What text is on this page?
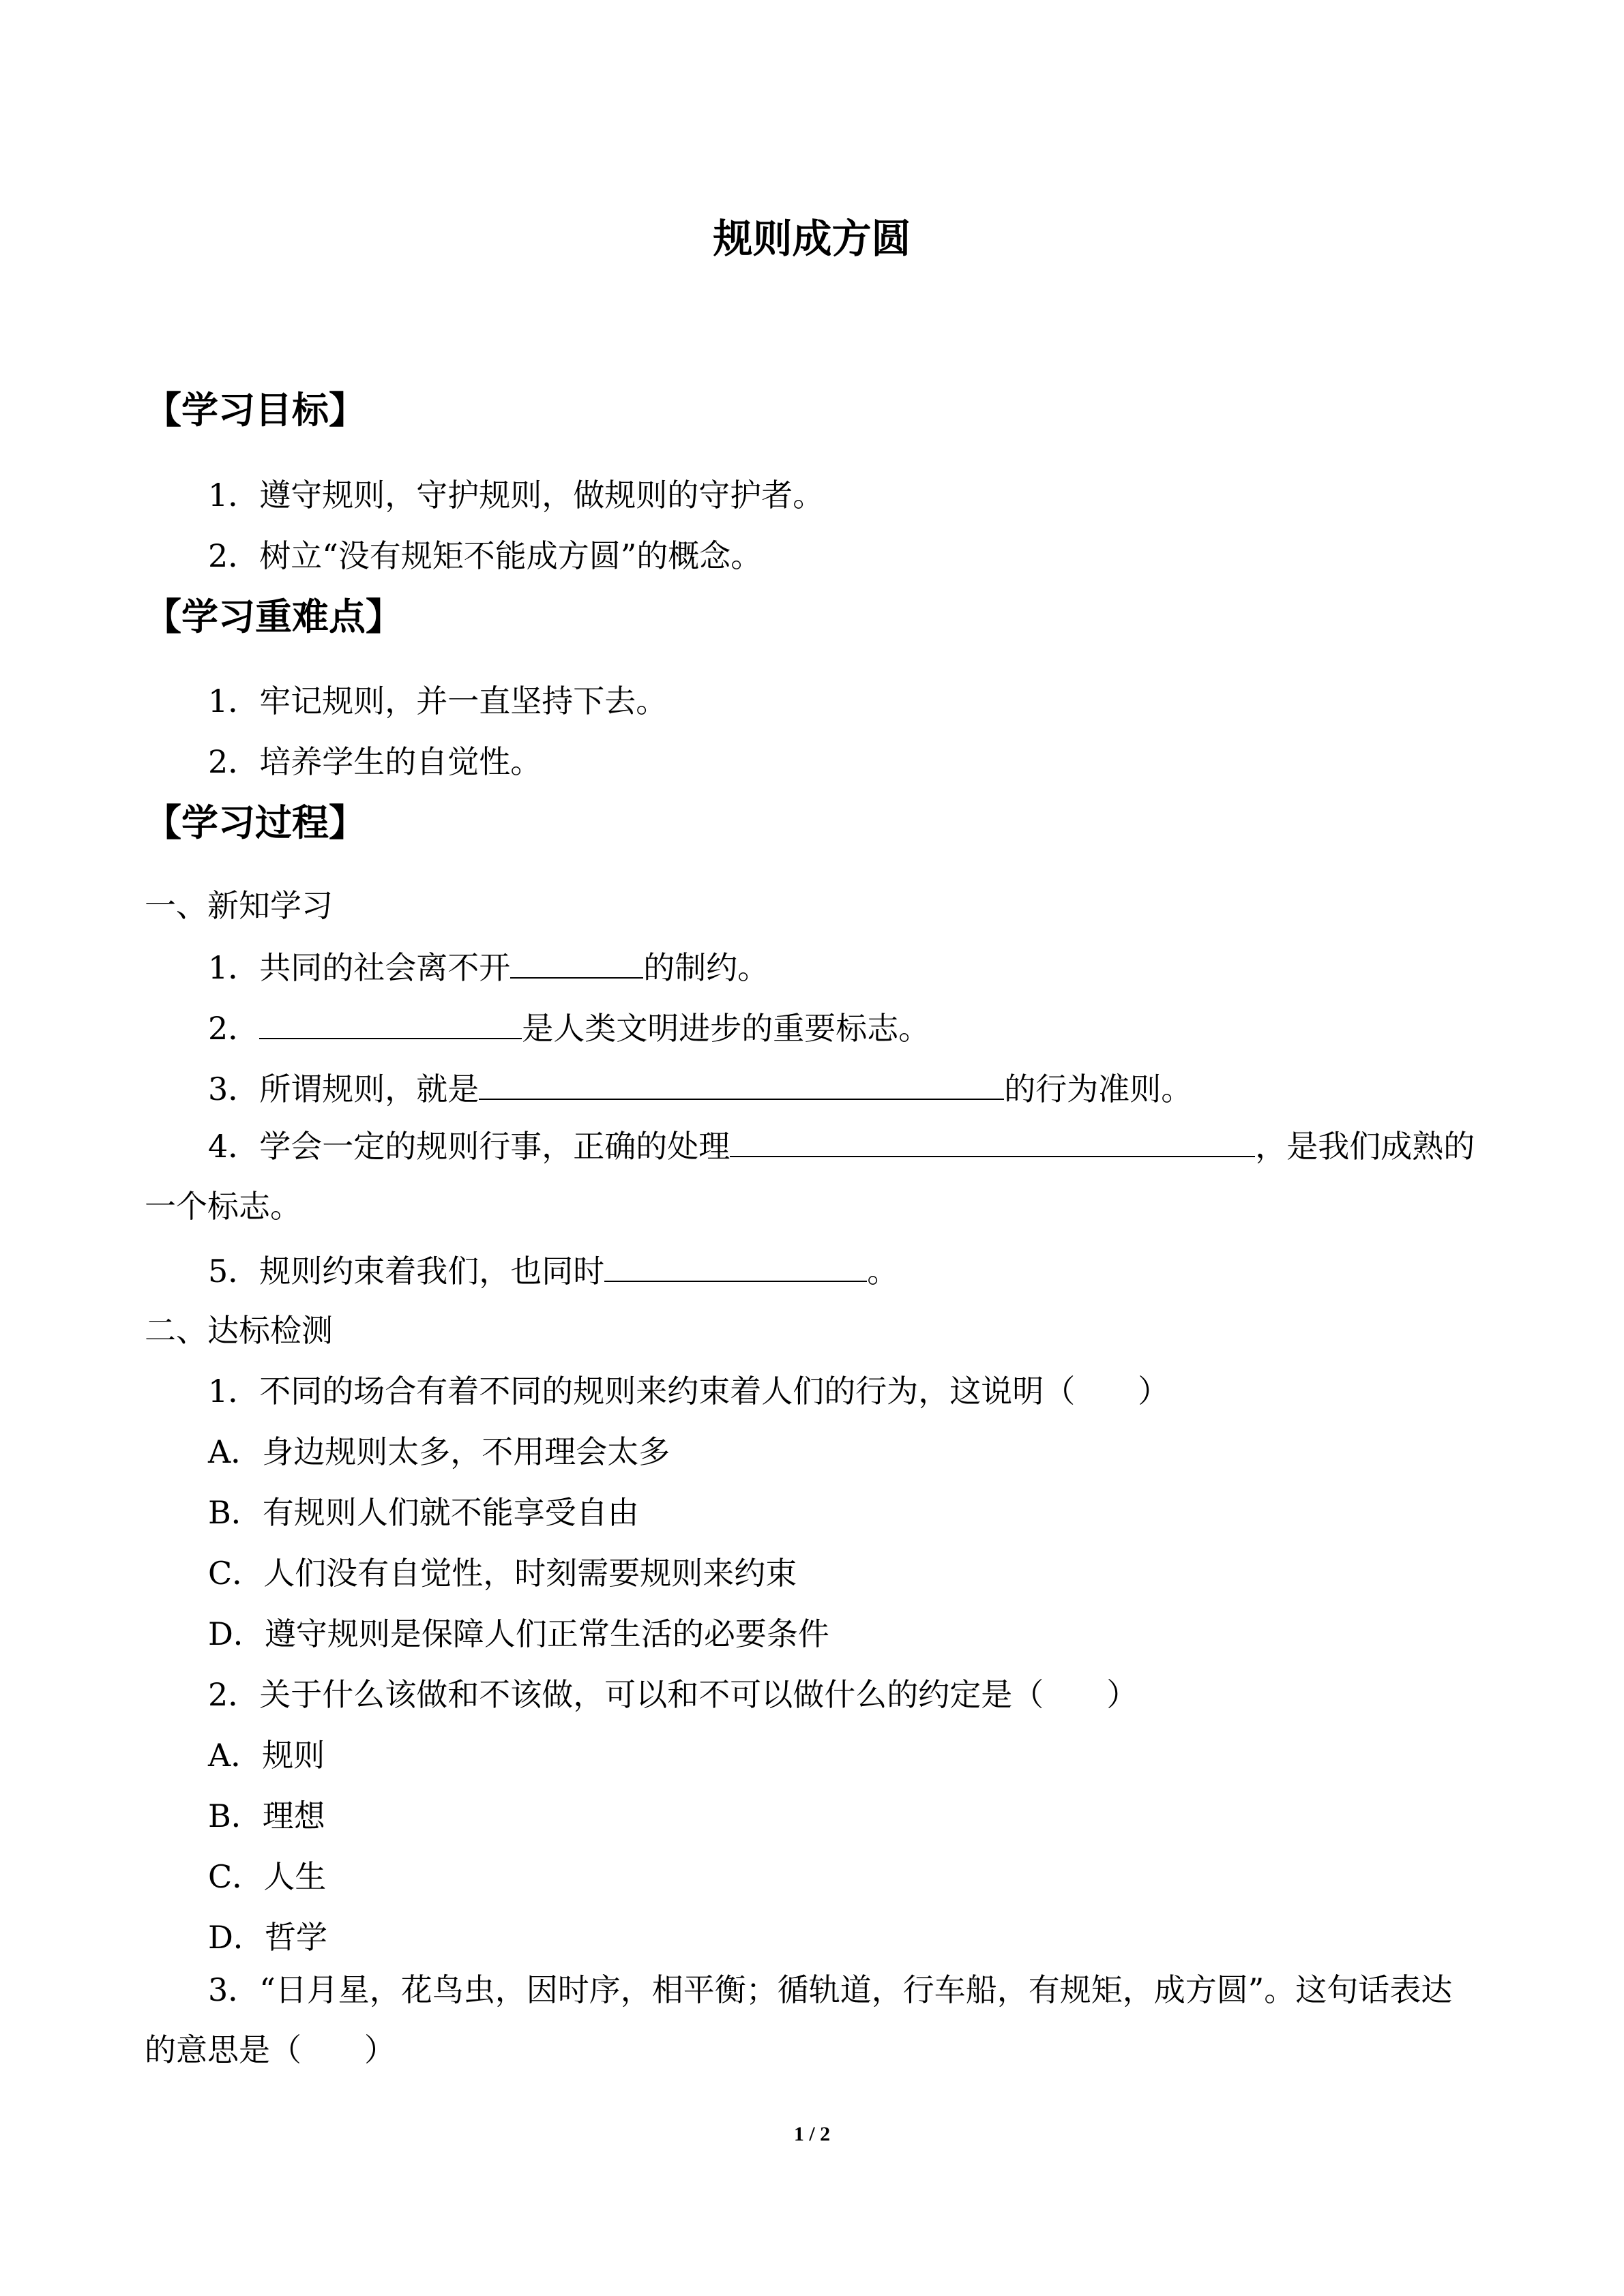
规则成方圆
【学习目标】
1．遵守规则，守护规则，做规则的守护者。
2．树立“没有规矩不能成方圆”的概念。
【学习重难点】
1．牢记规则，并一直坚持下去。
2．培养学生的自觉性。
【学习过程】
一、新知学习
1．共同的社会离不开	的制约。
2．	是人类文明进步的重要标志。
3．所谓规则，就是	的行为准则。
4．学会一定的规则行事，正确的处理	，是我们成熟的一个标志。
5．规则约束着我们，也同时	。
二、达标检测
1．不同的场合有着不同的规则来约束着人们的行为，这说明（　　）
A．身边规则太多，不用理会太多
B．有规则人们就不能享受自由
C．人们没有自觉性，时刻需要规则来约束
D．遵守规则是保障人们正常生活的必要条件
2．关于什么该做和不该做，可以和不可以做什么的约定是（　　）
A．规则
B．理想
C．人生
D．哲学
3．“日月星，花鸟虫，因时序，相平衡；循轨道，行车船，有规矩，成方圆”。这句话表达的意思是（　　）
1 / 2
